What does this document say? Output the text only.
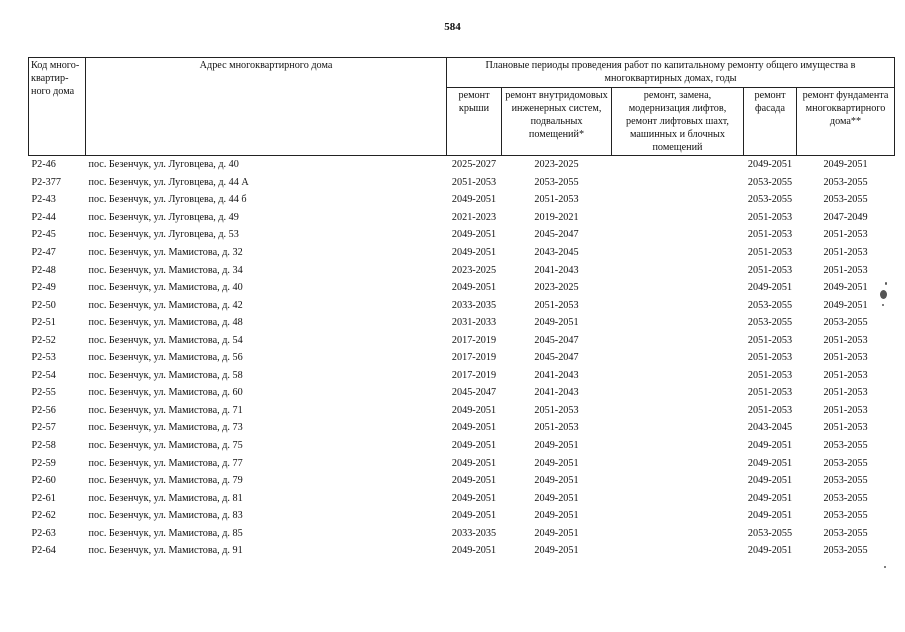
584
Код много-квартир-ного дома	Адрес многоквартирного дома	Плановые периоды проведения работ по капитальному ремонту общего имущества в многоквартирных домах, годы				
		ремонт крыши	ремонт внутридомовых инженерных систем, подвальных помещений*	ремонт, замена, модернизация лифтов, ремонт лифтовых шахт, машинных и блочных помещений	ремонт фасада	ремонт фундамента многоквартирного дома**
P2-46	пос. Безенчук, ул. Луговцева, д. 40	2025-2027	2023-2025		2049-2051	2049-2051
P2-377	пос. Безенчук, ул. Луговцева, д. 44 А	2051-2053	2053-2055		2053-2055	2053-2055
P2-43	пос. Безенчук, ул. Луговцева, д. 44 б	2049-2051	2051-2053		2053-2055	2053-2055
P2-44	пос. Безенчук, ул. Луговцева, д. 49	2021-2023	2019-2021		2051-2053	2047-2049
P2-45	пос. Безенчук, ул. Луговцева, д. 53	2049-2051	2045-2047		2051-2053	2051-2053
P2-47	пос. Безенчук, ул. Мамистова, д. 32	2049-2051	2043-2045		2051-2053	2051-2053
P2-48	пос. Безенчук, ул. Мамистова, д. 34	2023-2025	2041-2043		2051-2053	2051-2053
P2-49	пос. Безенчук, ул. Мамистова, д. 40	2049-2051	2023-2025		2049-2051	2049-2051
P2-50	пос. Безенчук, ул. Мамистова, д. 42	2033-2035	2051-2053		2053-2055	2049-2051
P2-51	пос. Безенчук, ул. Мамистова, д. 48	2031-2033	2049-2051		2053-2055	2053-2055
P2-52	пос. Безенчук, ул. Мамистова, д. 54	2017-2019	2045-2047		2051-2053	2051-2053
P2-53	пос. Безенчук, ул. Мамистова, д. 56	2017-2019	2045-2047		2051-2053	2051-2053
P2-54	пос. Безенчук, ул. Мамистова, д. 58	2017-2019	2041-2043		2051-2053	2051-2053
P2-55	пос. Безенчук, ул. Мамистова, д. 60	2045-2047	2041-2043		2051-2053	2051-2053
P2-56	пос. Безенчук, ул. Мамистова, д. 71	2049-2051	2051-2053		2051-2053	2051-2053
P2-57	пос. Безенчук, ул. Мамистова, д. 73	2049-2051	2051-2053		2043-2045	2051-2053
P2-58	пос. Безенчук, ул. Мамистова, д. 75	2049-2051	2049-2051		2049-2051	2053-2055
P2-59	пос. Безенчук, ул. Мамистова, д. 77	2049-2051	2049-2051		2049-2051	2053-2055
P2-60	пос. Безенчук, ул. Мамистова, д. 79	2049-2051	2049-2051		2049-2051	2053-2055
P2-61	пос. Безенчук, ул. Мамистова, д. 81	2049-2051	2049-2051		2049-2051	2053-2055
P2-62	пос. Безенчук, ул. Мамистова, д. 83	2049-2051	2049-2051		2049-2051	2053-2055
P2-63	пос. Безенчук, ул. Мамистова, д. 85	2033-2035	2049-2051		2053-2055	2053-2055
P2-64	пос. Безенчук, ул. Мамистова, д. 91	2049-2051	2049-2051		2049-2051	2053-2055
